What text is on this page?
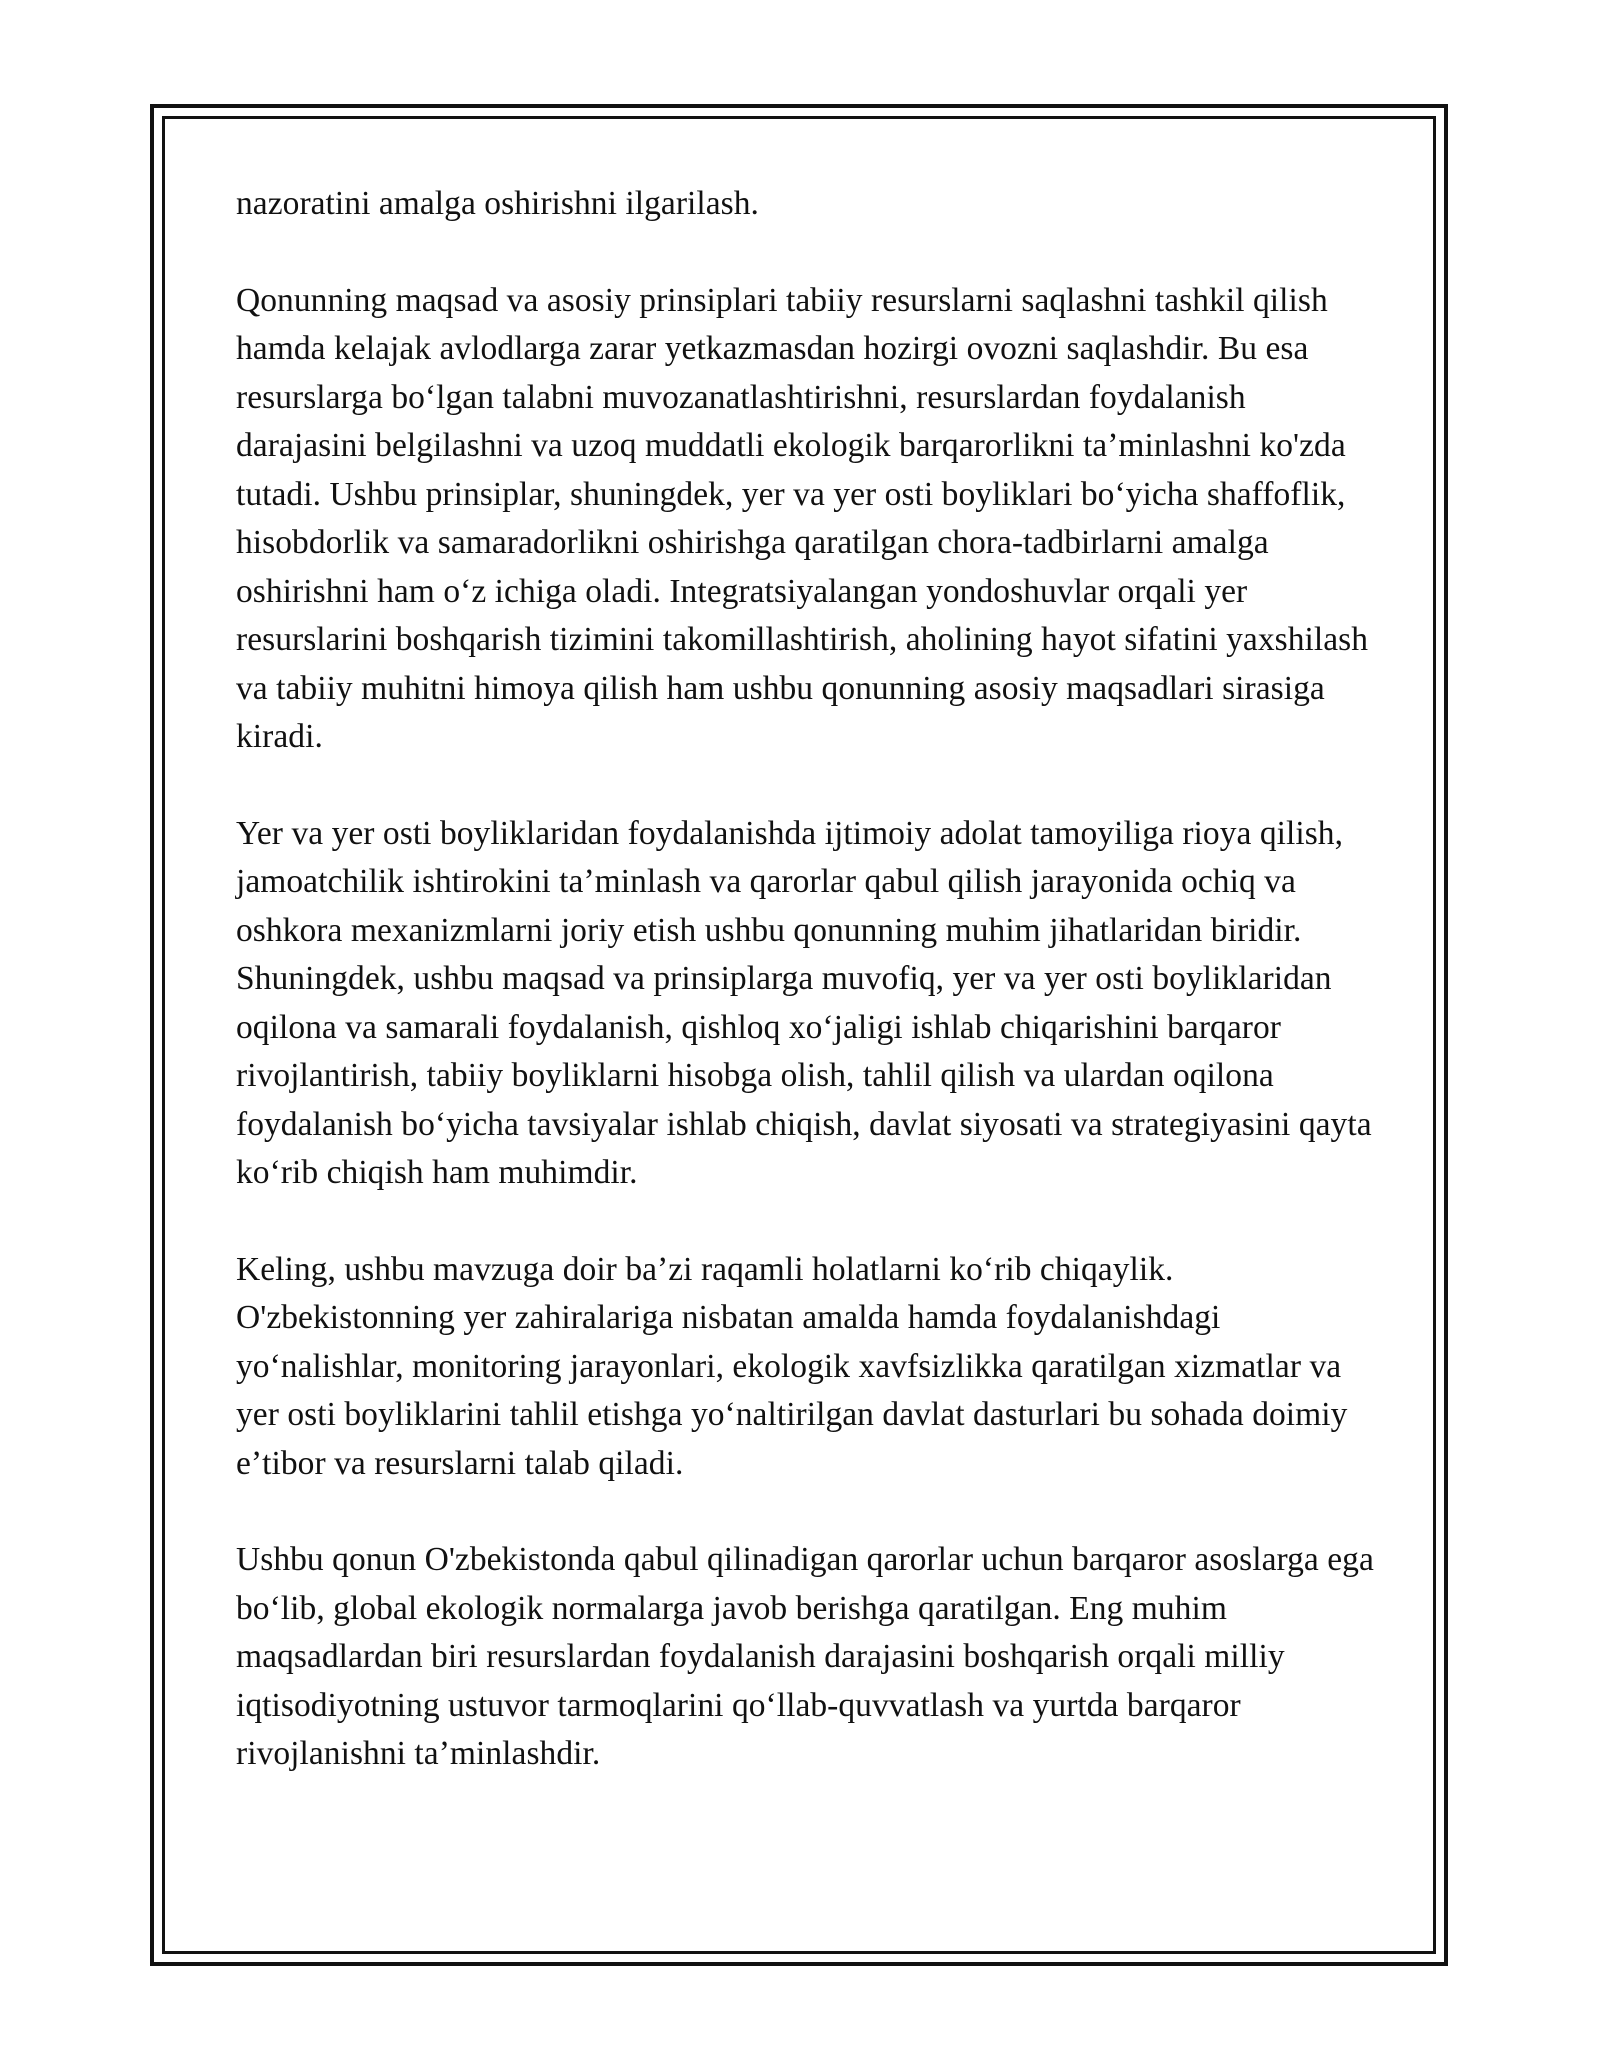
nazoratini amalga oshirishni ilgarilash.

Qonunning maqsad va asosiy prinsiplari tabiiy resurslarni saqlashni tashkil qilish hamda kelajak avlodlarga zarar yetkazmasdan hozirgi ovozni saqlashdir. Bu esa resurslarga boʻlgan talabni muvozanatlashtirishni, resurslardan foydalanish darajasini belgilashni va uzoq muddatli ekologik barqarorlikni taʼminlashni ko'zda tutadi. Ushbu prinsiplar, shuningdek, yer va yer osti boyliklari boʻyicha shaffoflik, hisobdorlik va samaradorlikni oshirishga qaratilgan chora-tadbirlarni amalga oshirishni ham oʻz ichiga oladi. Integratsiyalangan yondoshuvlar orqali yer resurslarini boshqarish tizimini takomillashtirish, aholining hayot sifatini yaxshilash va tabiiy muhitni himoya qilish ham ushbu qonunning asosiy maqsadlari sirasiga kiradi.

Yer va yer osti boyliklaridan foydalanishda ijtimoiy adolat tamoyiliga rioya qilish, jamoatchilik ishtirokini taʼminlash va qarorlar qabul qilish jarayonida ochiq va oshkora mexanizmlarni joriy etish ushbu qonunning muhim jihatlaridan biridir. Shuningdek, ushbu maqsad va prinsiplarga muvofiq, yer va yer osti boyliklaridan oqilona va samarali foydalanish, qishloq xoʻjaligi ishlab chiqarishini barqaror rivojlantirish, tabiiy boyliklarni hisobga olish, tahlil qilish va ulardan oqilona foydalanish boʻyicha tavsiyalar ishlab chiqish, davlat siyosati va strategiyasini qayta koʻrib chiqish ham muhimdir.

Keling, ushbu mavzuga doir baʼzi raqamli holatlarni koʻrib chiqaylik. O'zbekistonning yer zahiralariga nisbatan amalda hamda foydalanishdagi yoʻnalishlar, monitoring jarayonlari, ekologik xavfsizlikka qaratilgan xizmatlar va yer osti boyliklarini tahlil etishga yoʻnaltirilgan davlat dasturlari bu sohada doimiy eʼtibor va resurslarni talab qiladi.

Ushbu qonun O'zbekistonda qabul qilinadigan qarorlar uchun barqaror asoslarga ega boʻlib, global ekologik normalarga javob berishga qaratilgan. Eng muhim maqsadlardan biri resurslardan foydalanish darajasini boshqarish orqali milliy iqtisodiyotning ustuvor tarmoqlarini qoʻllab-quvvatlash va yurtda barqaror rivojlanishni taʼminlashdir.
